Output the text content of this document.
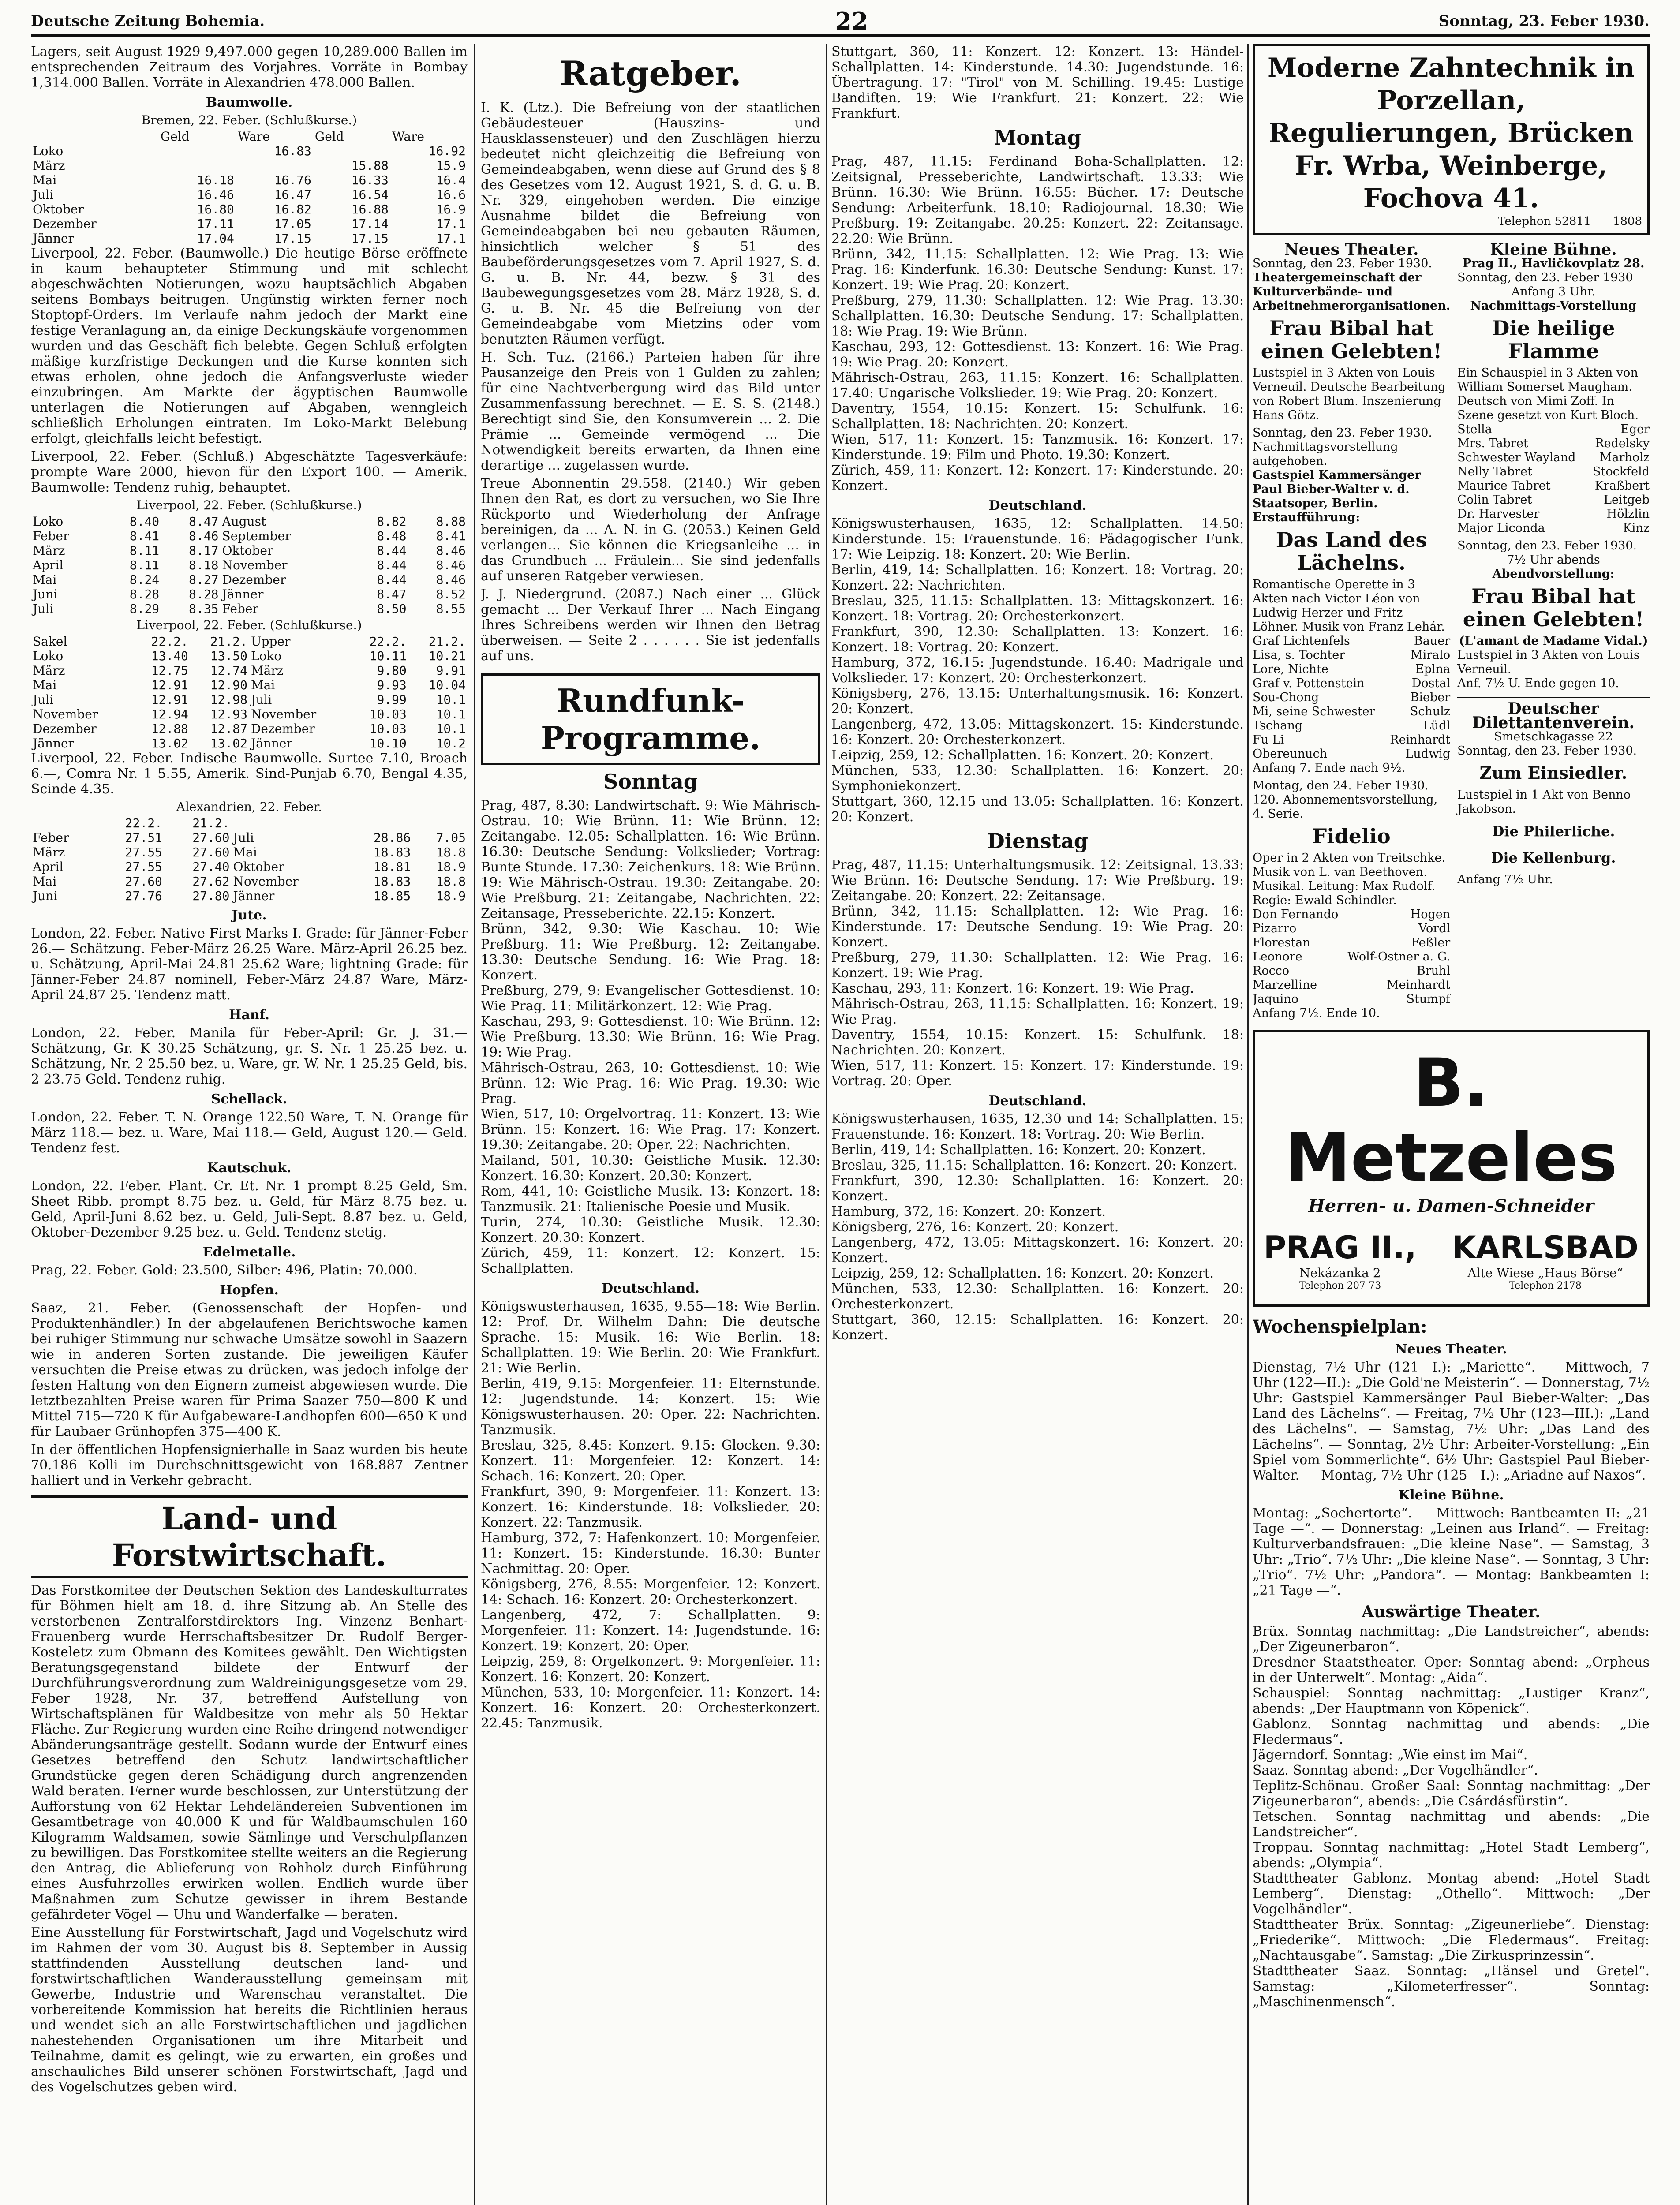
Deutsche Zeitung Bohemia.	22	Sonntag, 23. Feber 1930.

Lagers, seit August 1929 9,497.000 gegen 10,289.000 Ballen im entsprechenden Zeitraum des Vorjahres. Vorräte in Bombay 1,314.000 Ballen. Vorräte in Alexandrien 478.000 Ballen.

Baumwolle.
Bremen, 22. Feber. (Schlußkurse.)
	Geld	Ware	Geld	Ware
Loko		16.83		16.92
März			15.88	15.9
Mai	16.18	16.76	16.33	16.4
Juli	16.46	16.47	16.54	16.6
Oktober	16.80	16.82	16.88	16.9
Dezember	17.11	17.05	17.14	17.1
Jänner	17.04	17.15	17.15	17.1

Liverpool, 22. Feber. (Baumwolle.) Die heutige Börse eröffnete in kaum behaupteter Stimmung und mit schlecht abgeschwächten Notierungen, wozu hauptsächlich Abgaben seitens Bombays beitrugen. Ungünstig wirkten ferner noch Stoptopf-Orders. Im Verlaufe nahm jedoch der Markt eine festige Veranlagung an, da einige Deckungskäufe vorgenommen wurden und das Geschäft fich belebte. Gegen Schluß erfolgten mäßige kurzfristige Deckungen und die Kurse konnten sich etwas erholen, ohne jedoch die Anfangsverluste wieder einzubringen. Am Markte der ägyptischen Baumwolle unterlagen die Notierungen auf Abgaben, wenngleich schließlich Erholungen eintraten. Im Loko-Markt Belebung erfolgt, gleichfalls leicht befestigt.

Liverpool, 22. Feber. (Schluß.) Abgeschätzte Tagesverkäufe: prompte Ware 2000, hievon für den Export 100. — Amerik. Baumwolle: Tendenz ruhig, behauptet.

Liverpool, 22. Feber. (Schlußkurse.)
Loko	8.40	8.47	August	8.82	8.88
Feber	8.41	8.46	September	8.48	8.41
März	8.11	8.17	Oktober	8.44	8.46
April	8.11	8.18	November	8.44	8.46
Mai	8.24	8.27	Dezember	8.44	8.46
Juni	8.28	8.28	Jänner	8.47	8.52
Juli	8.29	8.35	Feber	8.50	8.55
Liverpool, 22. Feber. (Schlußkurse.)
Sakel	22.2.	21.2.	Upper	22.2.	21.2.
Loko	13.40	13.50	Loko	10.11	10.21
März	12.75	12.74	März	9.80	9.91
Mai	12.91	12.90	Mai	9.93	10.04
Juli	12.91	12.98	Juli	9.99	10.1
November	12.94	12.93	November	10.03	10.1
Dezember	12.88	12.87	Dezember	10.03	10.1
Jänner	13.02	13.02	Jänner	10.10	10.2

Liverpool, 22. Feber. Indische Baumwolle. Surtee 7.10, Broach 6.—, Comra Nr. 1 5.55, Amerik. Sind-Punjab 6.70, Bengal 4.35, Scinde 4.35.

Alexandrien, 22. Feber.
	22.2.	21.2.			
Feber	27.51	27.60	Juli	28.86	7.05
März	27.55	27.60	Mai	18.83	18.8
April	27.55	27.40	Oktober	18.81	18.9
Mai	27.60	27.62	November	18.83	18.8
Juni	27.76	27.80	Jänner	18.85	18.9
Jute.

London, 22. Feber. Native First Marks I. Grade: für Jänner-Feber 26.— Schätzung. Feber-März 26.25 Ware. März-April 26.25 bez. u. Schätzung, April-Mai 24.81 25.62 Ware; lightning Grade: für Jänner-Feber 24.87 nominell, Feber-März 24.87 Ware, März-April 24.87 25. Tendenz matt.

Hanf.

London, 22. Feber. Manila für Feber-April: Gr. J. 31.— Schätzung, Gr. K 30.25 Schätzung, gr. S. Nr. 1 25.25 bez. u. Schätzung, Nr. 2 25.50 bez. u. Ware, gr. W. Nr. 1 25.25 Geld, bis. 2 23.75 Geld. Tendenz ruhig.

Schellack.

London, 22. Feber. T. N. Orange 122.50 Ware, T. N. Orange für März 118.— bez. u. Ware, Mai 118.— Geld, August 120.— Geld. Tendenz fest.

Kautschuk.

London, 22. Feber. Plant. Cr. Et. Nr. 1 prompt 8.25 Geld, Sm. Sheet Ribb. prompt 8.75 bez. u. Geld, für März 8.75 bez. u. Geld, April-Juni 8.62 bez. u. Geld, Juli-Sept. 8.87 bez. u. Geld, Oktober-Dezember 9.25 bez. u. Geld. Tendenz stetig.

Edelmetalle.

Prag, 22. Feber. Gold: 23.500, Silber: 496, Platin: 70.000.

Hopfen.

Saaz, 21. Feber. (Genossenschaft der Hopfen- und Produktenhändler.) In der abgelaufenen Berichtswoche kamen bei ruhiger Stimmung nur schwache Umsätze sowohl in Saazern wie in anderen Sorten zustande. Die jeweiligen Käufer versuchten die Preise etwas zu drücken, was jedoch infolge der festen Haltung von den Eignern zumeist abgewiesen wurde. Die letztbezahlten Preise waren für Prima Saazer 750—800 K und Mittel 715—720 K für Aufgabeware-Landhopfen 600—650 K und für Laubaer Grünhopfen 375—400 K.

In der öffentlichen Hopfensignierhalle in Saaz wurden bis heute 70.186 Kolli im Durchschnittsgewicht von 168.887 Zentner halliert und in Verkehr gebracht.

Land- und Forstwirtschaft.

Das Forstkomitee der Deutschen Sektion des Landeskulturrates für Böhmen hielt am 18. d. ihre Sitzung ab. An Stelle des verstorbenen Zentralforstdirektors Ing. Vinzenz Benhart-Frauenberg wurde Herrschaftsbesitzer Dr. Rudolf Berger-Kosteletz zum Obmann des Komitees gewählt. Den Wichtigsten Beratungsgegenstand bildete der Entwurf der Durchführungsverordnung zum Waldreinigungsgesetze vom 29. Feber 1928, Nr. 37, betreffend Aufstellung von Wirtschaftsplänen für Waldbesitze von mehr als 50 Hektar Fläche. Zur Regierung wurden eine Reihe dringend notwendiger Abänderungsanträge gestellt. Sodann wurde der Entwurf eines Gesetzes betreffend den Schutz landwirtschaftlicher Grundstücke gegen deren Schädigung durch angrenzenden Wald beraten. Ferner wurde beschlossen, zur Unterstützung der Aufforstung von 62 Hektar Lehdeländereien Subventionen im Gesamtbetrage von 40.000 K und für Waldbaumschulen 160 Kilogramm Waldsamen, sowie Sämlinge und Verschulpflanzen zu bewilligen. Das Forstkomitee stellte weiters an die Regierung den Antrag, die Ablieferung von Rohholz durch Einführung eines Ausfuhrzolles erwirken wollen. Endlich wurde über Maßnahmen zum Schutze gewisser in ihrem Bestande gefährdeter Vögel — Uhu und Wanderfalke — beraten.

Eine Ausstellung für Forstwirtschaft, Jagd und Vogelschutz wird im Rahmen der vom 30. August bis 8. September in Aussig stattfindenden Ausstellung deutschen land- und forstwirtschaftlichen Wanderausstellung gemeinsam mit Gewerbe, Industrie und Warenschau veranstaltet. Die vorbereitende Kommission hat bereits die Richtlinien heraus und wendet sich an alle Forstwirtschaftlichen und jagdlichen nahestehenden Organisationen um ihre Mitarbeit und Teilnahme, damit es gelingt, wie zu erwarten, ein großes und anschauliches Bild unserer schönen Forstwirtschaft, Jagd und des Vogelschutzes geben wird.

Ratgeber.

I. K. (Ltz.). Die Befreiung von der staatlichen Gebäudesteuer (Hauszins- und Hausklassensteuer) und den Zuschlägen hierzu bedeutet nicht gleichzeitig die Befreiung von Gemeindeabgaben, wenn diese auf Grund des § 8 des Gesetzes vom 12. August 1921, S. d. G. u. B. Nr. 329, eingehoben werden. Die einzige Ausnahme bildet die Befreiung von Gemeindeabgaben bei neu gebauten Räumen, hinsichtlich welcher § 51 des Baubeförderungsgesetzes vom 7. April 1927, S. d. G. u. B. Nr. 44, bezw. § 31 des Baubewegungsgesetzes vom 28. März 1928, S. d. G. u. B. Nr. 45 die Befreiung von der Gemeindeabgabe vom Mietzins oder vom benutzten Räumen verfügt.

H. Sch. Tuz. (2166.) Parteien haben für ihre Pausanzeige den Preis von 1 Gulden zu zahlen; für eine Nachtverbergung wird das Bild unter Zusammenfassung berechnet. — E. S. S. (2148.) Berechtigt sind Sie, den Konsumverein ... 2. Die Prämie ... Gemeinde vermögend ... Die Notwendigkeit bereits erwarten, da Ihnen eine derartige ... zugelassen wurde.

Treue Abonnentin 29.558. (2140.) Wir geben Ihnen den Rat, es dort zu versuchen, wo Sie Ihre Rückporto und Wiederholung der Anfrage bereinigen, da ... A. N. in G. (2053.) Keinen Geld verlangen... Sie können die Kriegsanleihe ... in das Grundbuch ... Fräulein... Sie sind jedenfalls auf unseren Ratgeber verwiesen.

J. J. Niedergrund. (2087.) Nach einer ... Glück gemacht ... Der Verkauf Ihrer ... Nach Eingang Ihres Schreibens werden wir Ihnen den Betrag überweisen. — Seite 2 . . . . . . Sie ist jedenfalls auf uns.

Rundfunk-Programme.
Sonntag

Prag, 487, 8.30: Landwirtschaft. 9: Wie Mährisch-Ostrau. 10: Wie Brünn. 11: Wie Brünn. 12: Zeitangabe. 12.05: Schallplatten. 16: Wie Brünn. 16.30: Deutsche Sendung: Volkslieder; Vortrag: Bunte Stunde. 17.30: Zeichenkurs. 18: Wie Brünn. 19: Wie Mährisch-Ostrau. 19.30: Zeitangabe. 20: Wie Preßburg. 21: Zeitangabe, Nachrichten. 22: Zeitansage, Presseberichte. 22.15: Konzert.
Brünn, 342, 9.30: Wie Kaschau. 10: Wie Preßburg. 11: Wie Preßburg. 12: Zeitangabe. 13.30: Deutsche Sendung. 16: Wie Prag. 18: Konzert.
Preßburg, 279, 9: Evangelischer Gottesdienst. 10: Wie Prag. 11: Militärkonzert. 12: Wie Prag.
Kaschau, 293, 9: Gottesdienst. 10: Wie Brünn. 12: Wie Preßburg. 13.30: Wie Brünn. 16: Wie Prag. 19: Wie Prag.
Mährisch-Ostrau, 263, 10: Gottesdienst. 10: Wie Brünn. 12: Wie Prag. 16: Wie Prag. 19.30: Wie Prag.
Wien, 517, 10: Orgelvortrag. 11: Konzert. 13: Wie Brünn. 15: Konzert. 16: Wie Prag. 17: Konzert. 19.30: Zeitangabe. 20: Oper. 22: Nachrichten.
Mailand, 501, 10.30: Geistliche Musik. 12.30: Konzert. 16.30: Konzert. 20.30: Konzert.
Rom, 441, 10: Geistliche Musik. 13: Konzert. 18: Tanzmusik. 21: Italienische Poesie und Musik.
Turin, 274, 10.30: Geistliche Musik. 12.30: Konzert. 20.30: Konzert.
Zürich, 459, 11: Konzert. 12: Konzert. 15: Schallplatten.

Deutschland.

Königswusterhausen, 1635, 9.55—18: Wie Berlin. 12: Prof. Dr. Wilhelm Dahn: Die deutsche Sprache. 15: Musik. 16: Wie Berlin. 18: Schallplatten. 19: Wie Berlin. 20: Wie Frankfurt. 21: Wie Berlin.
Berlin, 419, 9.15: Morgenfeier. 11: Elternstunde. 12: Jugendstunde. 14: Konzert. 15: Wie Königswusterhausen. 20: Oper. 22: Nachrichten. Tanzmusik.
Breslau, 325, 8.45: Konzert. 9.15: Glocken. 9.30: Konzert. 11: Morgenfeier. 12: Konzert. 14: Schach. 16: Konzert. 20: Oper.
Frankfurt, 390, 9: Morgenfeier. 11: Konzert. 13: Konzert. 16: Kinderstunde. 18: Volkslieder. 20: Konzert. 22: Tanzmusik.
Hamburg, 372, 7: Hafenkonzert. 10: Morgenfeier. 11: Konzert. 15: Kinderstunde. 16.30: Bunter Nachmittag. 20: Oper.
Königsberg, 276, 8.55: Morgenfeier. 12: Konzert. 14: Schach. 16: Konzert. 20: Orchesterkonzert.
Langenberg, 472, 7: Schallplatten. 9: Morgenfeier. 11: Konzert. 14: Jugendstunde. 16: Konzert. 19: Konzert. 20: Oper.
Leipzig, 259, 8: Orgelkonzert. 9: Morgenfeier. 11: Konzert. 16: Konzert. 20: Konzert.
München, 533, 10: Morgenfeier. 11: Konzert. 14: Konzert. 16: Konzert. 20: Orchesterkonzert. 22.45: Tanzmusik.

Stuttgart, 360, 11: Konzert. 12: Konzert. 13: Händel-Schallplatten. 14: Kinderstunde. 14.30: Jugendstunde. 16: Übertragung. 17: "Tirol" von M. Schilling. 19.45: Lustige Bandiften. 19: Wie Frankfurt. 21: Konzert. 22: Wie Frankfurt.

Montag

Prag, 487, 11.15: Ferdinand Boha-Schallplatten. 12: Zeitsignal, Presseberichte, Landwirtschaft. 13.33: Wie Brünn. 16.30: Wie Brünn. 16.55: Bücher. 17: Deutsche Sendung: Arbeiterfunk. 18.10: Radiojournal. 18.30: Wie Preßburg. 19: Zeitangabe. 20.25: Konzert. 22: Zeitansage. 22.20: Wie Brünn.
Brünn, 342, 11.15: Schallplatten. 12: Wie Prag. 13: Wie Prag. 16: Kinderfunk. 16.30: Deutsche Sendung: Kunst. 17: Konzert. 19: Wie Prag. 20: Konzert.
Preßburg, 279, 11.30: Schallplatten. 12: Wie Prag. 13.30: Schallplatten. 16.30: Deutsche Sendung. 17: Schallplatten. 18: Wie Prag. 19: Wie Brünn.
Kaschau, 293, 12: Gottesdienst. 13: Konzert. 16: Wie Prag. 19: Wie Prag. 20: Konzert.
Mährisch-Ostrau, 263, 11.15: Konzert. 16: Schallplatten. 17.40: Ungarische Volkslieder. 19: Wie Prag. 20: Konzert.
Daventry, 1554, 10.15: Konzert. 15: Schulfunk. 16: Schallplatten. 18: Nachrichten. 20: Konzert.
Wien, 517, 11: Konzert. 15: Tanzmusik. 16: Konzert. 17: Kinderstunde. 19: Film und Photo. 19.30: Konzert.
Zürich, 459, 11: Konzert. 12: Konzert. 17: Kinderstunde. 20: Konzert.

Deutschland.

Königswusterhausen, 1635, 12: Schallplatten. 14.50: Kinderstunde. 15: Frauenstunde. 16: Pädagogischer Funk. 17: Wie Leipzig. 18: Konzert. 20: Wie Berlin.
Berlin, 419, 14: Schallplatten. 16: Konzert. 18: Vortrag. 20: Konzert. 22: Nachrichten.
Breslau, 325, 11.15: Schallplatten. 13: Mittagskonzert. 16: Konzert. 18: Vortrag. 20: Orchesterkonzert.
Frankfurt, 390, 12.30: Schallplatten. 13: Konzert. 16: Konzert. 18: Vortrag. 20: Konzert.
Hamburg, 372, 16.15: Jugendstunde. 16.40: Madrigale und Volkslieder. 17: Konzert. 20: Orchesterkonzert.
Königsberg, 276, 13.15: Unterhaltungsmusik. 16: Konzert. 20: Konzert.
Langenberg, 472, 13.05: Mittagskonzert. 15: Kinderstunde. 16: Konzert. 20: Orchesterkonzert.
Leipzig, 259, 12: Schallplatten. 16: Konzert. 20: Konzert.
München, 533, 12.30: Schallplatten. 16: Konzert. 20: Symphoniekonzert.
Stuttgart, 360, 12.15 und 13.05: Schallplatten. 16: Konzert. 20: Konzert.

Dienstag

Prag, 487, 11.15: Unterhaltungsmusik. 12: Zeitsignal. 13.33: Wie Brünn. 16: Deutsche Sendung. 17: Wie Preßburg. 19: Zeitangabe. 20: Konzert. 22: Zeitansage.
Brünn, 342, 11.15: Schallplatten. 12: Wie Prag. 16: Kinderstunde. 17: Deutsche Sendung. 19: Wie Prag. 20: Konzert.
Preßburg, 279, 11.30: Schallplatten. 12: Wie Prag. 16: Konzert. 19: Wie Prag.
Kaschau, 293, 11: Konzert. 16: Konzert. 19: Wie Prag.
Mährisch-Ostrau, 263, 11.15: Schallplatten. 16: Konzert. 19: Wie Prag.
Daventry, 1554, 10.15: Konzert. 15: Schulfunk. 18: Nachrichten. 20: Konzert.
Wien, 517, 11: Konzert. 15: Konzert. 17: Kinderstunde. 19: Vortrag. 20: Oper.

Deutschland.

Königswusterhausen, 1635, 12.30 und 14: Schallplatten. 15: Frauenstunde. 16: Konzert. 18: Vortrag. 20: Wie Berlin.
Berlin, 419, 14: Schallplatten. 16: Konzert. 20: Konzert.
Breslau, 325, 11.15: Schallplatten. 16: Konzert. 20: Konzert.
Frankfurt, 390, 12.30: Schallplatten. 16: Konzert. 20: Konzert.
Hamburg, 372, 16: Konzert. 20: Konzert.
Königsberg, 276, 16: Konzert. 20: Konzert.
Langenberg, 472, 13.05: Mittagskonzert. 16: Konzert. 20: Konzert.
Leipzig, 259, 12: Schallplatten. 16: Konzert. 20: Konzert.
München, 533, 12.30: Schallplatten. 16: Konzert. 20: Orchesterkonzert.
Stuttgart, 360, 12.15: Schallplatten. 16: Konzert. 20: Konzert.

Moderne Zahntechnik in Porzellan, Regulierungen, Brücken
Fr. Wrba, Weinberge, Fochova 41.
Telephon 52811 1808
Neues Theater.
Sonntag, den 23. Feber 1930.
Theatergemeinschaft der Kulturverbände- und Arbeitnehmerorganisationen.
Frau Bibal hat einen Gelebten!
Lustspiel in 3 Akten von Louis Verneuil. Deutsche Bearbeitung von Robert Blum. Inszenierung Hans Götz.
Sonntag, den 23. Feber 1930.
Nachmittagsvorstellung aufgehoben.
Gastspiel Kammersänger Paul Bieber-Walter v. d. Staatsoper, Berlin.
Erstaufführung:
Das Land des Lächelns.
Romantische Operette in 3 Akten nach Victor Léon von Ludwig Herzer und Fritz Löhner. Musik von Franz Lehár.
Graf Lichtenfels	Bauer
Lisa, s. Tochter	Miralo
Lore, Nichte	Eplna
Graf v. Pottenstein	Dostal
Sou-Chong	Bieber
Mi, seine Schwester	Schulz
Tschang	Lüdl
Fu Li	Reinhardt
Obereunuch	Ludwig
Anfang 7. Ende nach 9½.
Montag, den 24. Feber 1930.
120. Abonnementsvorstellung, 4. Serie.
Fidelio
Oper in 2 Akten von Treitschke. Musik von L. van Beethoven. Musikal. Leitung: Max Rudolf. Regie: Ewald Schindler.
Don Fernando	Hogen
Pizarro	Vordl
Florestan	Feßler
Leonore	Wolf-Ostner a. G.
Rocco	Bruhl
Marzelline	Meinhardt
Jaquino	Stumpf
Anfang 7½. Ende 10.
Kleine Bühne.
Prag II., Havličkovplatz 28.
Sonntag, den 23. Feber 1930
Anfang 3 Uhr.
Nachmittags-Vorstellung
Die heilige Flamme
Ein Schauspiel in 3 Akten von William Somerset Maugham. Deutsch von Mimi Zoff. In Szene gesetzt von Kurt Bloch.
Stella	Eger
Mrs. Tabret	Redelsky
Schwester Wayland Marholz
Nelly Tabret	Stockfeld
Maurice Tabret	Kraßbert
Colin Tabret	Leitgeb
Dr. Harvester	Hölzlin
Major Liconda	Kinz
Sonntag, den 23. Feber 1930.
7½ Uhr abends
Abendvorstellung:
Frau Bibal hat einen Gelebten!
(L'amant de Madame Vidal.)
Lustspiel in 3 Akten von Louis Verneuil.
Anf. 7½ U. Ende gegen 10.
Deutscher Dilettantenverein.
Smetschkagasse 22
Sonntag, den 23. Feber 1930.
Zum Einsiedler.
Lustspiel in 1 Akt von Benno Jakobson.
Die Philerliche.
Die Kellenburg.
Anfang 7½ Uhr.
B. Metzeles
Herren- u. Damen-Schneider
PRAG II.,
Nekázanka 2
Telephon 207-73
KARLSBAD
Alte Wiese „Haus Börse“
Telephon 2178
Wochenspielplan:
Neues Theater.

Dienstag, 7½ Uhr (121—I.): „Mariette“. — Mittwoch, 7 Uhr (122—II.): „Die Gold'ne Meisterin“. — Donnerstag, 7½ Uhr: Gastspiel Kammersänger Paul Bieber-Walter: „Das Land des Lächelns“. — Freitag, 7½ Uhr (123—III.): „Land des Lächelns“. — Samstag, 7½ Uhr: „Das Land des Lächelns“. — Sonntag, 2½ Uhr: Arbeiter-Vorstellung: „Ein Spiel vom Sommerlichte“. 6½ Uhr: Gastspiel Paul Bieber-Walter. — Montag, 7½ Uhr (125—I.): „Ariadne auf Naxos“.

Kleine Bühne.

Montag: „Sochertorte“. — Mittwoch: Bantbeamten II: „21 Tage —“. — Donnerstag: „Leinen aus Irland“. — Freitag: Kulturverbandsfrauen: „Die kleine Nase“. — Samstag, 3 Uhr: „Trio“. 7½ Uhr: „Die kleine Nase“. — Sonntag, 3 Uhr: „Trio“. 7½ Uhr: „Pandora“. — Montag: Bankbeamten I: „21 Tage —“.

Auswärtige Theater.

Brüx. Sonntag nachmittag: „Die Landstreicher“, abends: „Der Zigeunerbaron“.
Dresdner Staatstheater. Oper: Sonntag abend: „Orpheus in der Unterwelt“. Montag: „Aida“.
Schauspiel: Sonntag nachmittag: „Lustiger Kranz“, abends: „Der Hauptmann von Köpenick“.
Gablonz. Sonntag nachmittag und abends: „Die Fledermaus“.
Jägerndorf. Sonntag: „Wie einst im Mai“.
Saaz. Sonntag abend: „Der Vogelhändler“.
Teplitz-Schönau. Großer Saal: Sonntag nachmittag: „Der Zigeunerbaron“, abends: „Die Csárdásfürstin“.
Tetschen. Sonntag nachmittag und abends: „Die Landstreicher“.
Troppau. Sonntag nachmittag: „Hotel Stadt Lemberg“, abends: „Olympia“.
Stadttheater Gablonz. Montag abend: „Hotel Stadt Lemberg“. Dienstag: „Othello“. Mittwoch: „Der Vogelhändler“.
Stadttheater Brüx. Sonntag: „Zigeunerliebe“. Dienstag: „Friederike“. Mittwoch: „Die Fledermaus“. Freitag: „Nachtausgabe“. Samstag: „Die Zirkusprinzessin“.
Stadttheater Saaz. Sonntag: „Hänsel und Gretel“. Samstag: „Kilometerfresser“. Sonntag: „Maschinenmensch“.
